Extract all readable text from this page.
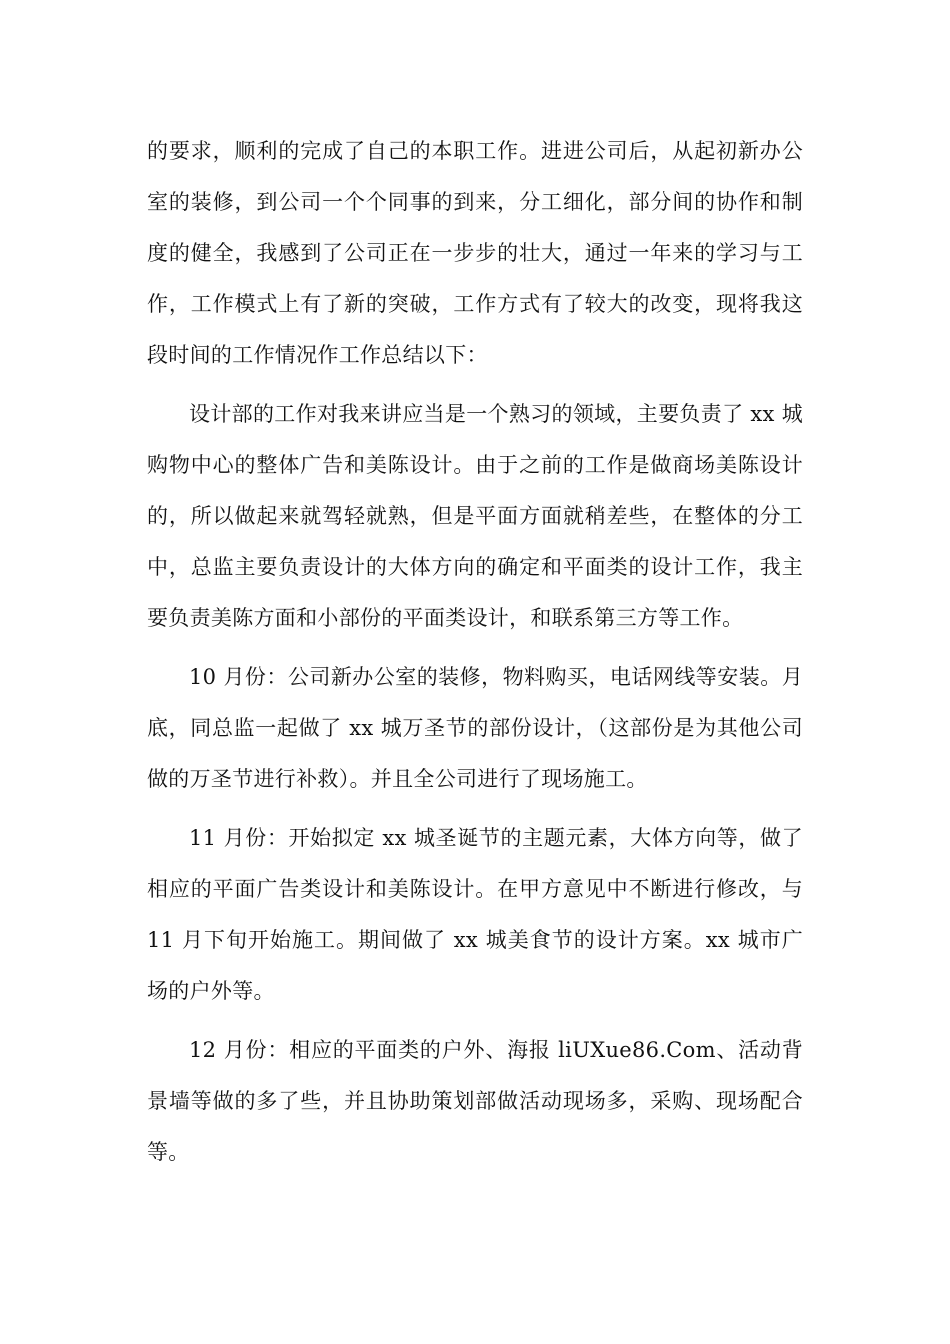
的要求，顺利的完成了自己的本职工作。进进公司后，从起初新办公室的装修，到公司一个个同事的到来，分工细化，部分间的协作和制度的健全，我感到了公司正在一步步的壮大，通过一年来的学习与工作，工作模式上有了新的突破，工作方式有了较大的改变，现将我这段时间的工作情况作工作总结以下：

设计部的工作对我来讲应当是一个熟习的领域，主要负责了 xx 城购物中心的整体广告和美陈设计。由于之前的工作是做商场美陈设计的，所以做起来就驾轻就熟，但是平面方面就稍差些，在整体的分工中，总监主要负责设计的大体方向的确定和平面类的设计工作，我主要负责美陈方面和小部份的平面类设计，和联系第三方等工作。

10 月份：公司新办公室的装修，物料购买，电话网线等安装。月底，同总监一起做了 xx 城万圣节的部份设计，（这部份是为其他公司做的万圣节进行补救）。并且全公司进行了现场施工。

11 月份：开始拟定 xx 城圣诞节的主题元素，大体方向等，做了相应的平面广告类设计和美陈设计。在甲方意见中不断进行修改，与 11 月下旬开始施工。期间做了 xx 城美食节的设计方案。xx 城市广场的户外等。

12 月份：相应的平面类的户外、海报 liUXue86.Com、活动背景墙等做的多了些，并且协助策划部做活动现场多，采购、现场配合等。
